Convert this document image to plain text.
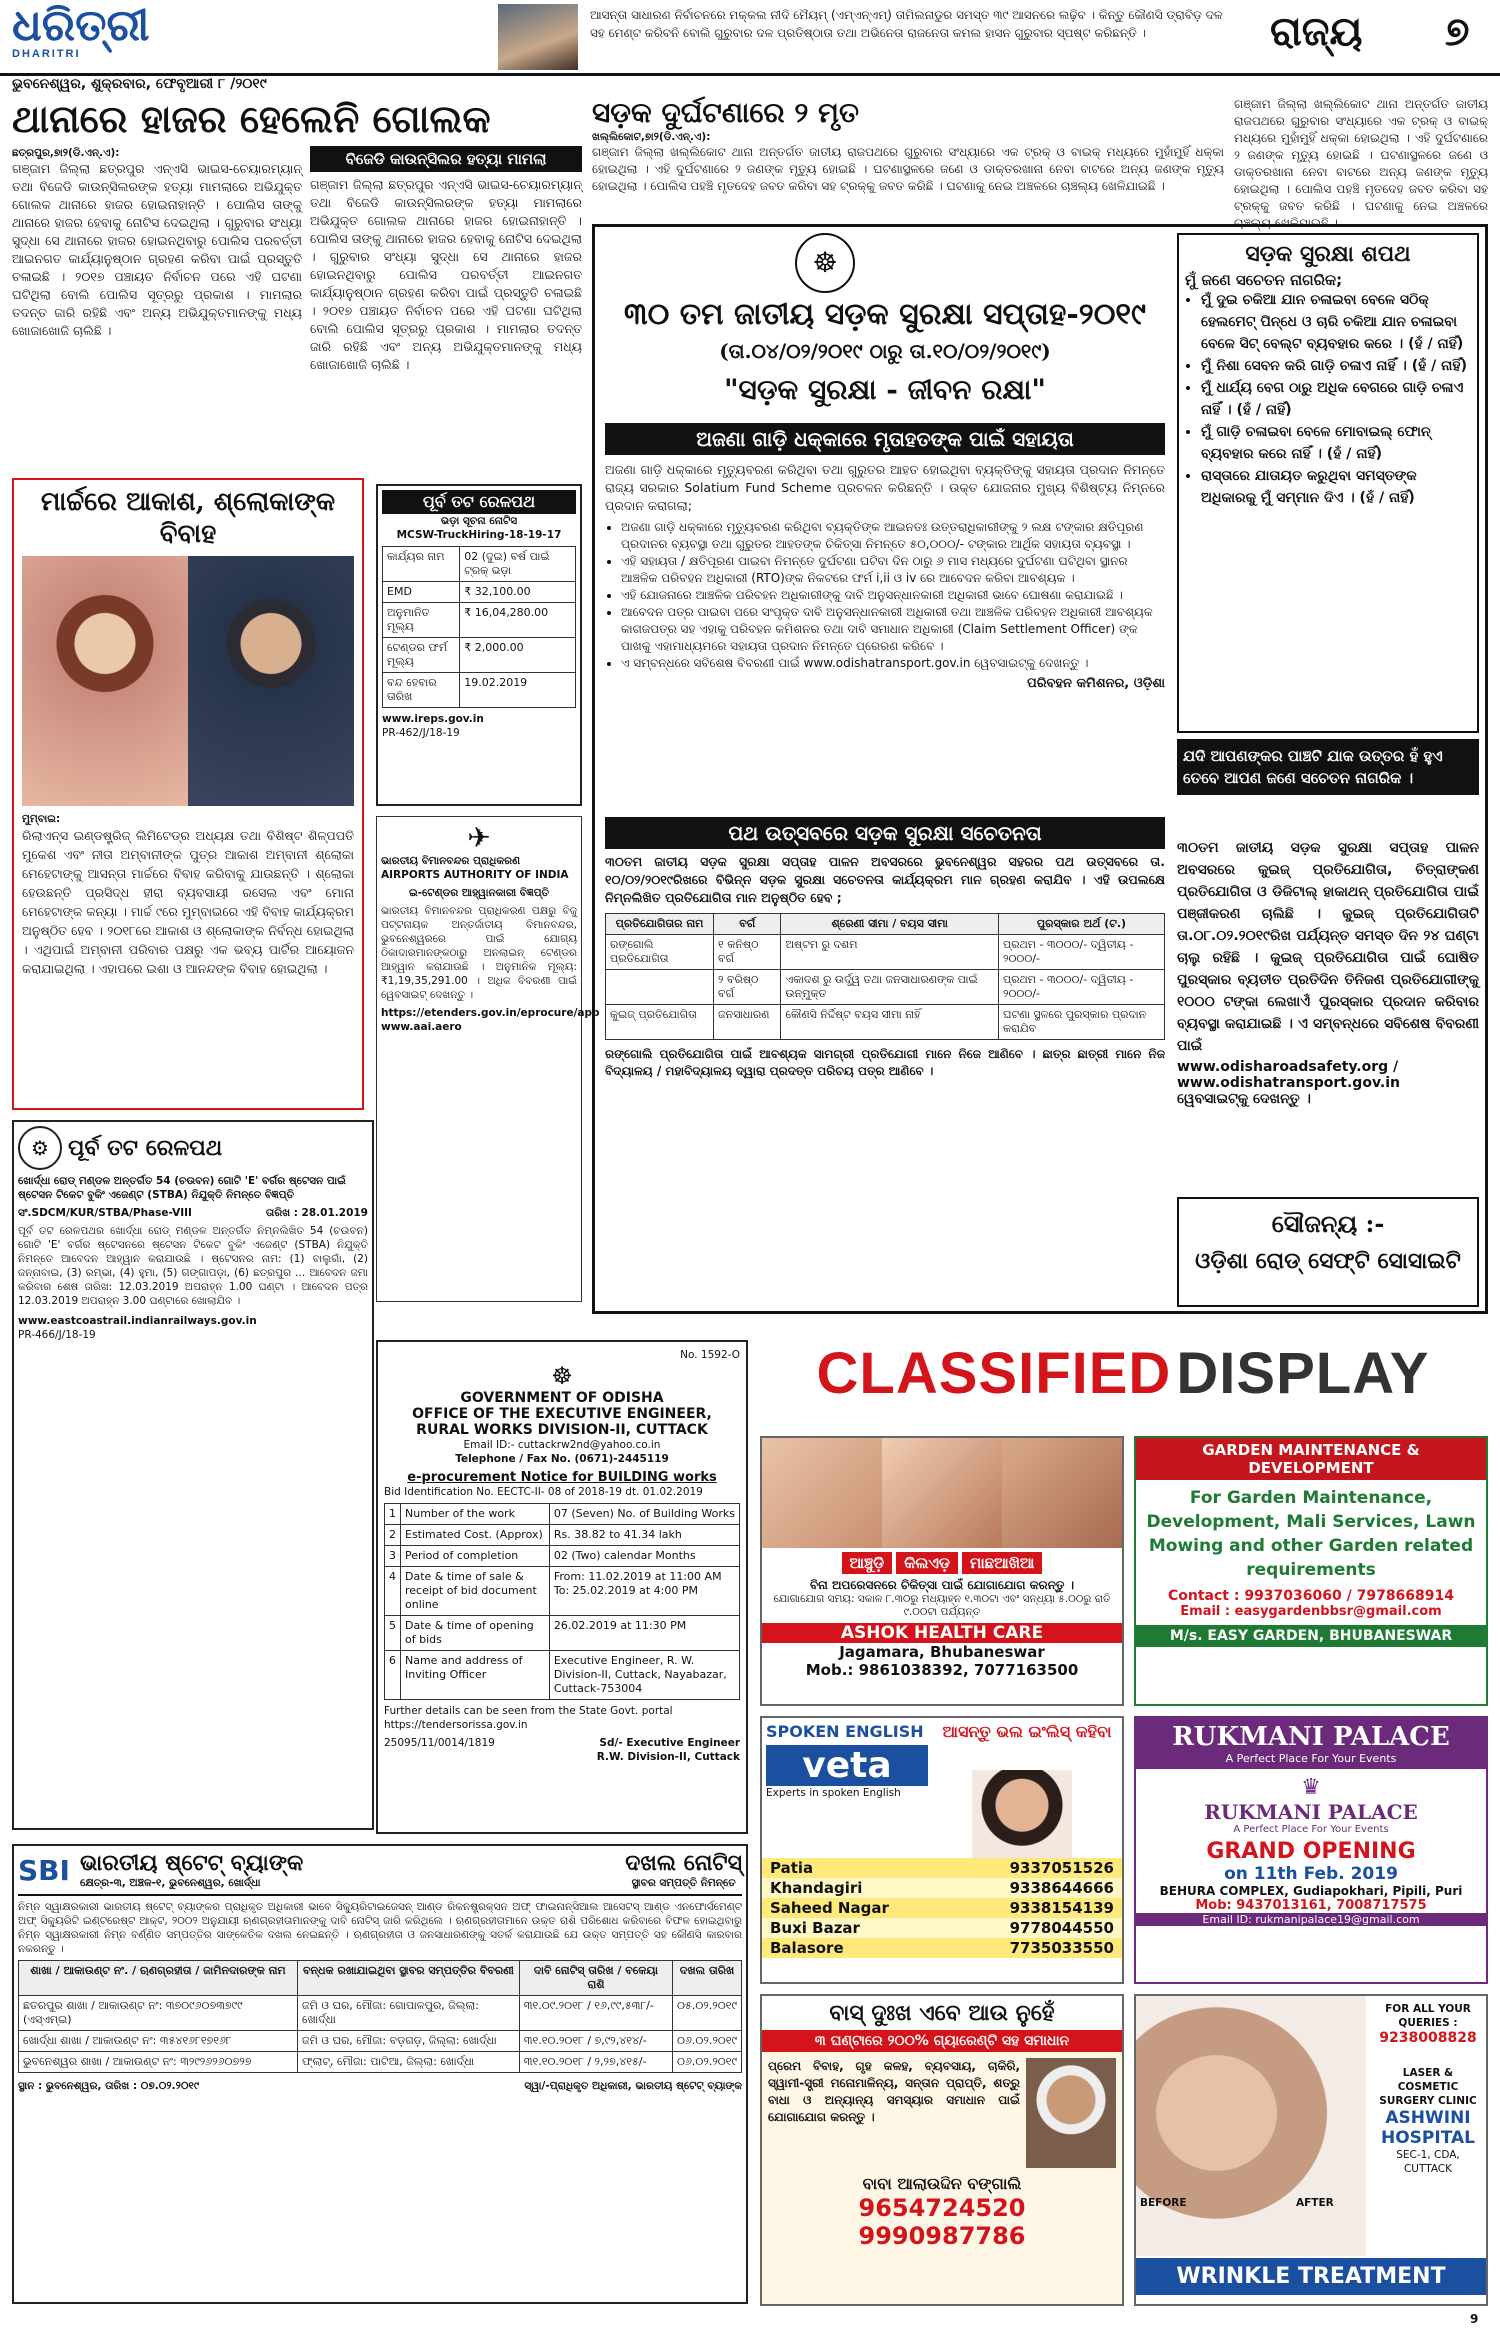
ଧରିତ୍ରୀ
DHARITRI
ଆସନ୍ତା ସାଧାରଣ ନିର୍ବାଚନରେ ମକ୍କଲ ନୀଦି ମୈୟମ୍ (ଏମ୍‌ଏନ୍‌ଏମ୍) ତାମିଲନାଡୁର ସମସ୍ତ ୩୯ ଆସନରେ ଲଢ଼ିବ । କିନ୍ତୁ କୌଣସି ଡ୍ରାବିଡ଼ ଦଳ ସହ ମେଣ୍ଟ କରିବନି ବୋଲି ଗୁରୁବାର ଦଳ ପ୍ରତିଷ୍ଠାତା ତଥା ଅଭିନେତା ରାଜନେତା କମଲ ହାସନ ଗୁରୁବାର ସ୍ପଷ୍ଟ କରିଛନ୍ତି ।	ରାଜ୍ୟ ୭
ଭୁବନେଶ୍ୱର, ଶୁକ୍ରବାର, ଫେବୃଆରୀ ୮ /୨୦୧୯
ଥାନାରେ ହାଜର ହେଲେନି ଗୋଲକ
ଛତ୍ରପୁର,୭ା୨(ଡି.ଏନ୍.ଏ):
ଗଞ୍ଜାମ ଜିଲ୍ଲା ଛତ୍ରପୁର ଏନ୍‌ଏସି ଭାଇସ-ଚେୟାରମ୍ୟାନ୍ ତଥା ବିଜେଡି କାଉନ୍‌ସିଲରଙ୍କ ହତ୍ୟା ମାମଲାରେ ଅଭିଯୁକ୍ତ ଗୋଲକ ଥାନାରେ ହାଜର ହୋଇନାହାନ୍ତି । ପୋଲିସ ତାଙ୍କୁ ଥାନାରେ ହାଜର ହେବାକୁ ନୋଟିସ ଦେଇଥିଲା । ଗୁରୁବାର ସଂଧ୍ୟା ସୁଦ୍ଧା ସେ ଥାନାରେ ହାଜର ହୋଇନଥିବାରୁ ପୋଲିସ ପରବର୍ତ୍ତୀ ଆଇନଗତ କାର୍ଯ୍ୟାନୁଷ୍ଠାନ ଗ୍ରହଣ କରିବା ପାଇଁ ପ୍ରସ୍ତୁତି ଚଳାଇଛି । ୨୦୧୭ ପଞ୍ଚାୟତ ନିର୍ବାଚନ ପରେ ଏହି ଘଟଣା ଘଟିଥିଲା ବୋଲି ପୋଲିସ ସୂତ୍ରରୁ ପ୍ରକାଶ । ମାମଲାର ତଦନ୍ତ ଜାରି ରହିଛି ଏବଂ ଅନ୍ୟ ଅଭିଯୁକ୍ତମାନଙ୍କୁ ମଧ୍ୟ ଖୋଜାଖୋଜି ଚାଲିଛି ।
ବିଜେଡି କାଉନ୍‌ସିଲର ହତ୍ୟା ମାମଲା
ଗଞ୍ଜାମ ଜିଲ୍ଲା ଛତ୍ରପୁର ଏନ୍‌ଏସି ଭାଇସ-ଚେୟାରମ୍ୟାନ୍ ତଥା ବିଜେଡି କାଉନ୍‌ସିଲରଙ୍କ ହତ୍ୟା ମାମଲାରେ ଅଭିଯୁକ୍ତ ଗୋଲକ ଥାନାରେ ହାଜର ହୋଇନାହାନ୍ତି । ପୋଲିସ ତାଙ୍କୁ ଥାନାରେ ହାଜର ହେବାକୁ ନୋଟିସ ଦେଇଥିଲା । ଗୁରୁବାର ସଂଧ୍ୟା ସୁଦ୍ଧା ସେ ଥାନାରେ ହାଜର ହୋଇନଥିବାରୁ ପୋଲିସ ପରବର୍ତ୍ତୀ ଆଇନଗତ କାର୍ଯ୍ୟାନୁଷ୍ଠାନ ଗ୍ରହଣ କରିବା ପାଇଁ ପ୍ରସ୍ତୁତି ଚଳାଇଛି । ୨୦୧୭ ପଞ୍ଚାୟତ ନିର୍ବାଚନ ପରେ ଏହି ଘଟଣା ଘଟିଥିଲା ବୋଲି ପୋଲିସ ସୂତ୍ରରୁ ପ୍ରକାଶ । ମାମଲାର ତଦନ୍ତ ଜାରି ରହିଛି ଏବଂ ଅନ୍ୟ ଅଭିଯୁକ୍ତମାନଙ୍କୁ ମଧ୍ୟ ଖୋଜାଖୋଜି ଚାଲିଛି ।
ସଡ଼କ ଦୁର୍ଘଟଣାରେ ୨ ମୃତ
ଖଲ୍ଲିକୋଟ,୭ା୨(ଡି.ଏନ୍.ଏ):
ଗଞ୍ଜାମ ଜିଲ୍ଲା ଖଲ୍ଲିକୋଟ ଥାନା ଅନ୍ତର୍ଗତ ଜାତୀୟ ରାଜପଥରେ ଗୁରୁବାର ସଂଧ୍ୟାରେ ଏକ ଟ୍ରକ୍ ଓ ବାଇକ୍ ମଧ୍ୟରେ ମୁହାଁମୁହିଁ ଧକ୍କା ହୋଇଥିଲା । ଏହି ଦୁର୍ଘଟଣାରେ ୨ ଜଣଙ୍କ ମୃତ୍ୟୁ ହୋଇଛି । ଘଟଣାସ୍ଥଳରେ ଜଣେ ଓ ଡାକ୍ତରଖାନା ନେବା ବାଟରେ ଅନ୍ୟ ଜଣଙ୍କ ମୃତ୍ୟୁ ହୋଇଥିଲା । ପୋଲିସ ପହଞ୍ଚି ମୃତଦେହ ଜବତ କରିବା ସହ ଟ୍ରକ୍‌କୁ ଜବତ କରିଛି । ଘଟଣାକୁ ନେଇ ଅଞ୍ଚଳରେ ଚାଞ୍ଚଲ୍ୟ ଖେଳିଯାଇଛି ।
ଗଞ୍ଜାମ ଜିଲ୍ଲା ଖଲ୍ଲିକୋଟ ଥାନା ଅନ୍ତର୍ଗତ ଜାତୀୟ ରାଜପଥରେ ଗୁରୁବାର ସଂଧ୍ୟାରେ ଏକ ଟ୍ରକ୍ ଓ ବାଇକ୍ ମଧ୍ୟରେ ମୁହାଁମୁହିଁ ଧକ୍କା ହୋଇଥିଲା । ଏହି ଦୁର୍ଘଟଣାରେ ୨ ଜଣଙ୍କ ମୃତ୍ୟୁ ହୋଇଛି । ଘଟଣାସ୍ଥଳରେ ଜଣେ ଓ ଡାକ୍ତରଖାନା ନେବା ବାଟରେ ଅନ୍ୟ ଜଣଙ୍କ ମୃତ୍ୟୁ ହୋଇଥିଲା । ପୋଲିସ ପହଞ୍ଚି ମୃତଦେହ ଜବତ କରିବା ସହ ଟ୍ରକ୍‌କୁ ଜବତ କରିଛି । ଘଟଣାକୁ ନେଇ ଅଞ୍ଚଳରେ ଚାଞ୍ଚଲ୍ୟ ଖେଳିଯାଇଛି ।
ମାର୍ଚ୍ଚରେ ଆକାଶ, ଶ୍ଲୋକାଙ୍କ ବିବାହ
ମୁମ୍ବାଇ:
ରିଲାଏନ୍ସ ଇଣ୍ଡଷ୍ଟ୍ରିଜ୍ ଲିମିଟେଡ୍‌ର ଅଧ୍ୟକ୍ଷ ତଥା ବିଶିଷ୍ଟ ଶିଳ୍ପପତି ମୁକେଶ ଏବଂ ନୀତା ଅମ୍ବାନୀଙ୍କ ପୁତ୍ର ଆକାଶ ଅମ୍ବାନୀ ଶ୍ଲୋକା ମେହେଟାଙ୍କୁ ଆସନ୍ତା ମାର୍ଚ୍ଚରେ ବିବାହ କରିବାକୁ ଯାଉଛନ୍ତି । ଶ୍ଲୋକା ହେଉଛନ୍ତି ପ୍ରସିଦ୍ଧ ହୀରା ବ୍ୟବସାୟୀ ରସେଲ ଏବଂ ମୋନା ମେହେଟାଙ୍କ କନ୍ୟା । ମାର୍ଚ୍ଚ ୯ରେ ମୁମ୍ବାଇରେ ଏହି ବିବାହ କାର୍ଯ୍ୟକ୍ରମ ଅନୁଷ୍ଠିତ ହେବ । ୨୦୧୮ରେ ଆକାଶ ଓ ଶ୍ଲୋକାଙ୍କ ନିର୍ବନ୍ଧ ହୋଇଥିଲା । ଏଥିପାଇଁ ଅମ୍ବାନୀ ପରିବାର ପକ୍ଷରୁ ଏକ ଭବ୍ୟ ପାର୍ଟିର ଆୟୋଜନ କରାଯାଇଥିଲା । ଏହାପରେ ଇଶା ଓ ଆନନ୍ଦଙ୍କ ବିବାହ ହୋଇଥିଲା ।
ପୂର୍ବ ତଟ ରେଳପଥ
ଭଡ଼ା ସୂଚନା ନୋଟିସ
MCSW-TruckHiring-18-19-17
କାର୍ଯ୍ୟର ନାମ	02 (ଦୁଇ) ବର୍ଷ ପାଇଁ ଟ୍ରକ୍ ଭଡ଼ା
EMD	₹ 32,100.00
ଅନୁମାନିତ ମୂଲ୍ୟ	₹ 16,04,280.00
ଟେଣ୍ଡର ଫର୍ମ ମୂଲ୍ୟ	₹ 2,000.00
ବନ୍ଦ ହେବାର ତାରିଖ	19.02.2019
www.ireps.gov.in
PR-462/J/18-19
✈
ଭାରତୀୟ ବିମାନବନ୍ଦର ପ୍ରାଧିକରଣ
AIRPORTS AUTHORITY OF INDIA
ଇ-ଟେଣ୍ଡର ଆହ୍ୱାନକାରୀ ବିଜ୍ଞପ୍ତି
ଭାରତୀୟ ବିମାନବନ୍ଦର ପ୍ରାଧିକରଣ ପକ୍ଷରୁ ବିଜୁ ପଟ୍ଟନାୟକ ଅନ୍ତର୍ଜାତୀୟ ବିମାନବନ୍ଦର, ଭୁବନେଶ୍ୱରରେ ପାଇଁ ଯୋଗ୍ୟ ଠିକାଦାରମାନଙ୍କଠାରୁ ଅନଲାଇନ୍ ଟେଣ୍ଡର ଆହ୍ୱାନ କରାଯାଉଛି । ଅନୁମାନିକ ମୂଲ୍ୟ: ₹1,19,35,291.00 । ଅଧିକ ବିବରଣୀ ପାଇଁ ୱେବସାଇଟ୍ ଦେଖନ୍ତୁ ।
https://etenders.gov.in/eprocure/app www.aai.aero
⚙ ପୂର୍ବ ତଟ ରେଳପଥ
ଖୋର୍ଦ୍ଧା ରୋଡ୍ ମଣ୍ଡଳ ଅନ୍ତର୍ଗତ 54 (ଚଉବନ) ଗୋଟି 'E' ବର୍ଗର ଷ୍ଟେସନ ପାଇଁ ଷ୍ଟେସନ ଟିକେଟ ବୁକିଂ ଏଜେଣ୍ଟ (STBA) ନିଯୁକ୍ତି ନିମନ୍ତେ ବିଜ୍ଞପ୍ତି
ସଂ.SDCM/KUR/STBA/Phase-VIII	ତାରିଖ : 28.01.2019
ପୂର୍ବ ତଟ ରେଳପଥର ଖୋର୍ଦ୍ଧା ରୋଡ୍ ମଣ୍ଡଳ ଅନ୍ତର୍ଗତ ନିମ୍ନଲିଖିତ 54 (ଚଉବନ) ଗୋଟି 'E' ବର୍ଗର ଷ୍ଟେସନରେ ଷ୍ଟେସନ ଟିକେଟ ବୁକିଂ ଏଜେଣ୍ଟ (STBA) ନିଯୁକ୍ତି ନିମନ୍ତେ ଆବେଦନ ଆହ୍ୱାନ କରାଯାଉଛି । ଷ୍ଟେସନର ନାମ: (1) ବାଲୁଗାଁ, (2) ଜନ୍ନାବାଇ, (3) ରମ୍ଭା, (4) ହୁମା, (5) ଗଙ୍ଗାପଡ଼ା, (6) ଛତ୍ରପୁର ... ଆବେଦନ ଜମା କରିବାର ଶେଷ ତାରିଖ: 12.03.2019 ଅପରାହ୍ନ 1.00 ଘଣ୍ଟା । ଆବେଦନ ପତ୍ର 12.03.2019 ଅପରାହ୍ନ 3.00 ଘଣ୍ଟାରେ ଖୋଲାଯିବ ।
www.eastcoastrail.indianrailways.gov.in
PR-466/J/18-19
☸
୩୦ ତମ ଜାତୀୟ ସଡ଼କ ସୁରକ୍ଷା ସପ୍ତାହ-୨୦୧୯
(ତା.୦୪/୦୨/୨୦୧୯ ଠାରୁ ତା.୧୦/୦୨/୨୦୧୯)
"ସଡ଼କ ସୁରକ୍ଷା - ଜୀବନ ରକ୍ଷା"
ଅଜଣା ଗାଡ଼ି ଧକ୍କାରେ ମୃତାହତଙ୍କ ପାଇଁ ସହାୟତା
ଅଜଣା ଗାଡ଼ି ଧକ୍କାରେ ମୃତ୍ୟୁବରଣ କରିଥିବା ତଥା ଗୁରୁତର ଆହତ ହୋଇଥିବା ବ୍ୟକ୍ତିଙ୍କୁ ସହାୟତା ପ୍ରଦାନ ନିମନ୍ତେ ରାଜ୍ୟ ସରକାର Solatium Fund Scheme ପ୍ରଚଳନ କରିଛନ୍ତି । ଉକ୍ତ ଯୋଜନାର ମୁଖ୍ୟ ବିଶିଷ୍ଟ୍ୟ ନିମ୍ନରେ ପ୍ରଦାନ କରାଗଲା;
• ଅଜଣା ଗାଡ଼ି ଧକ୍କାରେ ମୃତ୍ୟୁବରଣ କରିଥିବା ବ୍ୟକ୍ତିଙ୍କ ଆଇନତଃ ଉତ୍ତରାଧିକାରୀଙ୍କୁ ୨ ଲକ୍ଷ ଟଙ୍କାର କ୍ଷତିପୂରଣ ପ୍ରଦାନର ବ୍ୟବସ୍ଥା ତଥା ଗୁରୁତର ଆହତଙ୍କ ଚିକିତ୍ସା ନିମନ୍ତେ ୫୦,୦୦୦/- ଟଙ୍କାର ଆର୍ଥିକ ସହାୟତା ବ୍ୟବସ୍ଥା ।
• ଏହି ସହାୟତା / କ୍ଷତିପୂରଣ ପାଇବା ନିମନ୍ତେ ଦୁର୍ଘଟଣା ଘଟିବା ଦିନ ଠାରୁ ୬ ମାସ ମଧ୍ୟରେ ଦୁର୍ଘଟଣା ଘଟିଥିବା ସ୍ଥାନର ଆଞ୍ଚଳିକ ପରିବହନ ଅଧିକାରୀ (RTO)ଙ୍କ ନିକଟରେ ଫର୍ମ i,ii ଓ iv ରେ ଆବେଦନ କରିବା ଆବଶ୍ୟକ ।
• ଏହି ଯୋଜନାରେ ଆଞ୍ଚଳିକ ପରିବହନ ଅଧିକାରୀଙ୍କୁ ଦାବି ଅନୁସନ୍ଧାନକାରୀ ଅଧିକାରୀ ଭାବେ ଘୋଷଣା କରାଯାଇଛି ।
• ଆବେଦନ ପତ୍ର ପାଇବା ପରେ ସଂପୃକ୍ତ ଦାବି ଅନୁସନ୍ଧାନକାରୀ ଅଧିକାରୀ ତଥା ଆଞ୍ଚଳିକ ପରିବହନ ଅଧିକାରୀ ଆବଶ୍ୟକ କାଗଜପତ୍ର ସହ ଏହାକୁ ପରିବହନ କମିଶନର ତଥା ଦାବି ସମାଧାନ ଅଧିକାରୀ (Claim Settlement Officer) ଙ୍କ ପାଖକୁ ଏହାମାଧ୍ୟମରେ ସହାୟତା ପ୍ରଦାନ ନିମନ୍ତେ ପ୍ରେରଣ କରିବେ ।
• ଏ ସମ୍ବନ୍ଧରେ ସବିଶେଷ ବିବରଣୀ ପାଇଁ www.odishatransport.gov.in ୱେବସାଇଟ୍‌କୁ ଦେଖନ୍ତୁ ।
ପରିବହନ କମିଶନର, ଓଡ଼ିଶା
ସଡ଼କ ସୁରକ୍ଷା ଶପଥ
ମୁଁ ଜଣେ ସଚେତନ ନାଗରିକ;
• ମୁଁ ଦୁଇ ଚକିଆ ଯାନ ଚଳାଇବା ବେଳେ ସଠିକ୍ ହେଲମେଟ୍ ପିନ୍ଧେ ଓ ଚାରି ଚକିଆ ଯାନ ଚଳାଇବା ବେଳେ ସିଟ୍ ବେଲ୍ଟ ବ୍ୟବହାର କରେ । (ହଁ / ନାହିଁ)
• ମୁଁ ନିଶା ସେବନ କରି ଗାଡ଼ି ଚଳାଏ ନାହିଁ । (ହଁ / ନାହିଁ)
• ମୁଁ ଧାର୍ଯ୍ୟ ବେଗ ଠାରୁ ଅଧିକ ବେଗରେ ଗାଡ଼ି ଚଳାଏ ନାହିଁ । (ହଁ / ନାହିଁ)
• ମୁଁ ଗାଡ଼ି ଚଳାଇବା ବେଳେ ମୋବାଇଲ୍ ଫୋନ୍ ବ୍ୟବହାର କରେ ନାହିଁ । (ହଁ / ନାହିଁ)
• ରାସ୍ତାରେ ଯାତାୟତ କରୁଥିବା ସମସ୍ତଙ୍କ ଅଧିକାରକୁ ମୁଁ ସମ୍ମାନ ଦିଏ । (ହଁ / ନାହିଁ)
ଯଦି ଆପଣଙ୍କର ପାଞ୍ଚଟି ଯାକ ଉତ୍ତର ହଁ ହୁଏ ତେବେ ଆପଣ ଜଣେ ସଚେତନ ନାଗରିକ ।
ପଥ ଉତ୍ସବରେ ସଡ଼କ ସୁରକ୍ଷା ସଚେତନତା
୩୦ତମ ଜାତୀୟ ସଡ଼କ ସୁରକ୍ଷା ସପ୍ତାହ ପାଳନ ଅବସରରେ ଭୁବନେଶ୍ୱର ସହରର ପଥ ଉତ୍ସବରେ ତା. ୧୦/୦୨/୨୦୧୯ରିଖରେ ବିଭିନ୍ନ ସଡ଼କ ସୁରକ୍ଷା ସଚେତନତା କାର୍ଯ୍ୟକ୍ରମ ମାନ ଗ୍ରହଣ କରାଯିବ । ଏହି ଉପଲକ୍ଷେ ନିମ୍ନଲିଖିତ ପ୍ରତିଯୋଗିତା ମାନ ଅନୁଷ୍ଠିତ ହେବ ;
ପ୍ରତିଯୋଗିତାର ନାମ	ବର୍ଗ	ଶ୍ରେଣୀ ସୀମା / ବୟସ ସୀମା	ପୁରସ୍କାର ଅର୍ଥ (ଟ.)
ରଙ୍ଗୋଲି ପ୍ରତିଯୋଗିତା	୧ କନିଷ୍ଠ ବର୍ଗ	ଅଷ୍ଟମ ରୁ ଦଶମ	ପ୍ରଥମ - ୩୦୦୦/- ଦ୍ୱିତୀୟ - ୨୦୦୦/-
	୨ ବରିଷ୍ଠ ବର୍ଗ	ଏକାଦଶ ରୁ ଉର୍ଦ୍ଧ୍ୱ ତଥା ଜନସାଧାରଣଙ୍କ ପାଇଁ ଉନ୍ମୁକ୍ତ	ପ୍ରଥମ - ୩୦୦୦/- ଦ୍ୱିତୀୟ - ୨୦୦୦/-
କୁଇଜ୍ ପ୍ରତିଯୋଗିତା	ଜନସାଧାରଣ	କୌଣସି ନିର୍ଦ୍ଦିଷ୍ଟ ବୟସ ସୀମା ନାହିଁ	ଘଟଣା ସ୍ଥଳରେ ପୁରସ୍କାର ପ୍ରଦାନ କରାଯିବ
ରଙ୍ଗୋଲି ପ୍ରତିଯୋଗିତା ପାଇଁ ଆବଶ୍ୟକ ସାମଗ୍ରୀ ପ୍ରତିଯୋଗୀ ମାନେ ନିଜେ ଆଣିବେ । ଛାତ୍ର ଛାତ୍ରୀ ମାନେ ନିଜ ବିଦ୍ୟାଳୟ / ମହାବିଦ୍ୟାଳୟ ଦ୍ୱାରା ପ୍ରଦତ୍ତ ପରିଚୟ ପତ୍ର ଆଣିବେ ।
୩୦ତମ ଜାତୀୟ ସଡ଼କ ସୁରକ୍ଷା ସପ୍ତାହ ପାଳନ ଅବସରରେ କୁଇଜ୍ ପ୍ରତିଯୋଗିତା, ଚିତ୍ରାଙ୍କଣ ପ୍ରତିଯୋଗିତା ଓ ଡିଜିଟାଲ୍ ହାକାଥନ୍ ପ୍ରତିଯୋଗିତା ପାଇଁ ପଞ୍ଜୀକରଣ ଚାଲିଛି । କୁଇଜ୍ ପ୍ରତିଯୋଗିତାଟି ତା.୦୮.୦୨.୨୦୧୯ରିଖ ପର୍ଯ୍ୟନ୍ତ ସମସ୍ତ ଦିନ ୨୪ ଘଣ୍ଟା ଚାଲୁ ରହିଛି । କୁଇଜ୍ ପ୍ରତିଯୋଗିତା ପାଇଁ ଘୋଷିତ ପୁରସ୍କାର ବ୍ୟତୀତ ପ୍ରତିଦିନ ତିନିଜଣ ପ୍ରତିଯୋଗୀଙ୍କୁ ୧୦୦୦ ଟଙ୍କା ଲେଖାଏଁ ପୁରସ୍କାର ପ୍ରଦାନ କରିବାର ବ୍ୟବସ୍ଥା କରାଯାଇଛି । ଏ ସମ୍ବନ୍ଧରେ ସବିଶେଷ ବିବରଣୀ ପାଇଁ
www.odisharoadsafety.org / www.odishatransport.gov.in
ୱେବସାଇଟ୍‌କୁ ଦେଖନ୍ତୁ ।
ସୌଜନ୍ୟ :-
ଓଡ଼ିଶା ରୋଡ୍ ସେଫ୍ଟି ସୋସାଇଟି
No. 1592-O
☸
GOVERNMENT OF ODISHA
OFFICE OF THE EXECUTIVE ENGINEER,
RURAL WORKS DIVISION-II, CUTTACK
Email ID:- cuttackrw2nd@yahoo.co.in
Telephone / Fax No. (0671)-2445119
e-procurement Notice for BUILDING works
Bid Identification No. EECTC-II- 08 of 2018-19 dt. 01.02.2019
1	Number of the work	07 (Seven) No. of Building Works
2	Estimated Cost. (Approx)	Rs. 38.82 to 41.34 lakh
3	Period of completion	02 (Two) calendar Months
4	Date & time of sale & receipt of bid document online	From: 11.02.2019 at 11:00 AM To: 25.02.2019 at 4:00 PM
5	Date & time of opening of bids	26.02.2019 at 11:30 PM
6	Name and address of Inviting Officer	Executive Engineer, R. W. Division-II, Cuttack, Nayabazar, Cuttack-753004
Further details can be seen from the State Govt. portal https://tendersorissa.gov.in
25095/11/0014/1819	Sd/- Executive Engineer
R.W. Division-II, Cuttack
CLASSIFIED DISPLAY
ଆଞ୍ଚୁଡ଼ି	କିଲଏଡ଼	ମାଛଆଖିଆ
ବିନା ଅପରେସନରେ ଚିକିତ୍ସା ପାଇଁ ଯୋଗାଯୋଗ କରନ୍ତୁ ।
ଯୋଗାଯୋଗ ସମୟ: ସକାଳ ୮.୩୦ରୁ ମଧ୍ୟାହ୍ନ ୧.୩୦ଟା ଏବଂ ସନ୍ଧ୍ୟା ୫.୦୦ରୁ ରାତି ୯.୦୦ଟା ପର୍ଯ୍ୟନ୍ତ
ASHOK HEALTH CARE
Jagamara, Bhubaneswar
Mob.: 9861038392, 7077163500
GARDEN MAINTENANCE & DEVELOPMENT
For Garden Maintenance, Development, Mali Services, Lawn Mowing and other Garden related requirements
Contact : 9937036060 / 7978668914
Email : easygardenbbsr@gmail.com
M/s. EASY GARDEN, BHUBANESWAR
SPOKEN ENGLISH
veta
Experts in spoken English
ଆସନ୍ତୁ ଭଲ ଇଂଲିସ୍ କହିବା
Patia	9337051526
Khandagiri	9338644666
Saheed Nagar	9338154139
Buxi Bazar	9778044550
Balasore	7735033550
RUKMANI PALACE
A Perfect Place For Your Events
♛
RUKMANI PALACE
A Perfect Place For Your Events
GRAND OPENING
on 11th Feb. 2019
BEHURA COMPLEX, Gudiapokhari, Pipili, Puri
Mob: 9437013161, 7008717575
Email ID: rukmanipalace19@gmail.com
SBI ଭାରତୀୟ ଷ୍ଟେଟ୍ ବ୍ୟାଙ୍କ
କ୍ଷେତ୍ର-୩, ଅଞ୍ଚଳ-୧, ଭୁବନେଶ୍ୱର, ଖୋର୍ଦ୍ଧା
ଦଖଲ ନୋଟିସ୍
ସ୍ଥାବର ସମ୍ପତ୍ତି ନିମନ୍ତେ
ନିମ୍ନ ସ୍ୱାକ୍ଷରକାରୀ ଭାରତୀୟ ଷ୍ଟେଟ୍ ବ୍ୟାଙ୍କର ପ୍ରାଧିକୃତ ଅଧିକାରୀ ଭାବେ ସିକ୍ୟୁରିଟାଇଜେସନ୍ ଆଣ୍ଡ ରିକନଷ୍ଟ୍ରକ୍ସନ ଅଫ୍ ଫାଇନାନ୍ସିଆଲ ଆସେଟସ୍ ଆଣ୍ଡ ଏନଫୋର୍ସମେଣ୍ଟ ଅଫ୍ ସିକ୍ୟୁରିଟି ଇଣ୍ଟରେଷ୍ଟ ଆକ୍ଟ, ୨୦୦୨ ଅନୁଯାୟୀ ଋଣଗ୍ରହୀତାମାନଙ୍କୁ ଦାବି ନୋଟିସ୍ ଜାରି କରିଥିଲେ । ଋଣଗ୍ରହୀତାମାନେ ଉକ୍ତ ରାଶି ପରିଶୋଧ କରିବାରେ ବିଫଳ ହୋଇଥିବାରୁ ନିମ୍ନ ସ୍ୱାକ୍ଷରକାରୀ ନିମ୍ନ ବର୍ଣ୍ଣିତ ସମ୍ପତ୍ତିର ସାଙ୍କେତିକ ଦଖଲ ନେଇଛନ୍ତି । ଋଣଗ୍ରହୀତା ଓ ଜନସାଧାରଣଙ୍କୁ ସତର୍କ କରାଯାଉଛି ଯେ ଉକ୍ତ ସମ୍ପତ୍ତି ସହ କୌଣସି କାରବାର ନକରନ୍ତୁ ।
ଶାଖା / ଆକାଉଣ୍ଟ ନଂ. / ଋଣଗ୍ରହୀତା / ଜାମିନଦାରଙ୍କ ନାମ	ବନ୍ଧକ ରଖାଯାଇଥିବା ସ୍ଥାବର ସମ୍ପତ୍ତିର ବିବରଣୀ	ଦାବି ନୋଟିସ୍ ତାରିଖ / ବକେୟା ରାଶି	ଦଖଲ ତାରିଖ
ଛତରପୁର ଶାଖା / ଆକାଉଣ୍ଟ ନଂ: ୩୭୦୯୬୦୭୩୭୯୯ (ଏସ୍‌ଏମ୍‌ଇ)	ଜମି ଓ ଘର, ମୌଜା: ଗୋପାଳପୁର, ଜିଲ୍ଲା: ଖୋର୍ଦ୍ଧା	୩୧.୦୯.୨୦୧୮ / ୧୬,୯୯,୫୩୮/-	୦୫.୦୨.୨୦୧୯
ଖୋର୍ଦ୍ଧା ଶାଖା / ଆକାଉଣ୍ଟ ନଂ: ୩୫୪୧୬୮୧୭୧୬୮	ଜମି ଓ ଘର, ମୌଜା: ବଡ଼ଗଡ଼, ଜିଲ୍ଲା: ଖୋର୍ଦ୍ଧା	୩୧.୧୦.୨୦୧୮ / ୭,୯୨,୪୧୪/-	୦୬.୦୨.୨୦୧୯
ଭୁବନେଶ୍ୱର ଶାଖା / ଆକାଉଣ୍ଟ ନଂ: ୩୨୯୨୬୨୬୦୭୨୭	ଫ୍ଲାଟ୍, ମୌଜା: ପାଟିଆ, ଜିଲ୍ଲା: ଖୋର୍ଦ୍ଧା	୩୧.୧୦.୨୦୧୮ / ୨,୨୭,୪୧୫/-	୦୬.୦୨.୨୦୧୯
ସ୍ଥାନ : ଭୁବନେଶ୍ୱର, ତାରିଖ : ୦୭.୦୨.୨୦୧୯	ସ୍ୱା/-ପ୍ରାଧିକୃତ ଅଧିକାରୀ, ଭାରତୀୟ ଷ୍ଟେଟ୍ ବ୍ୟାଙ୍କ
ବାସ୍ ଦୁଃଖ ଏବେ ଆଉ ନୁହେଁ
୩ ଘଣ୍ଟାରେ ୨୦୦% ଗ୍ୟାରେଣ୍ଟି ସହ ସମାଧାନ
ପ୍ରେମ ବିବାହ, ଗୃହ କଳହ, ବ୍ୟବସାୟ, ଚାକିରି, ସ୍ୱାମୀ-ସ୍ତ୍ରୀ ମନୋମାଳିନ୍ୟ, ସନ୍ତାନ ପ୍ରାପ୍ତି, ଶତ୍ରୁ ବାଧା ଓ ଅନ୍ୟାନ୍ୟ ସମସ୍ୟାର ସମାଧାନ ପାଇଁ ଯୋଗାଯୋଗ କରନ୍ତୁ ।
ବାବା ଆଲାଉଦ୍ଦିନ ବଙ୍ଗାଲି
9654724520
9990987786
BEFORE	AFTER
FOR ALL YOUR QUERIES :
9238008828
LASER & COSMETIC SURGERY CLINIC
ASHWINI HOSPITAL
SEC-1, CDA, CUTTACK
WRINKLE TREATMENT
9
